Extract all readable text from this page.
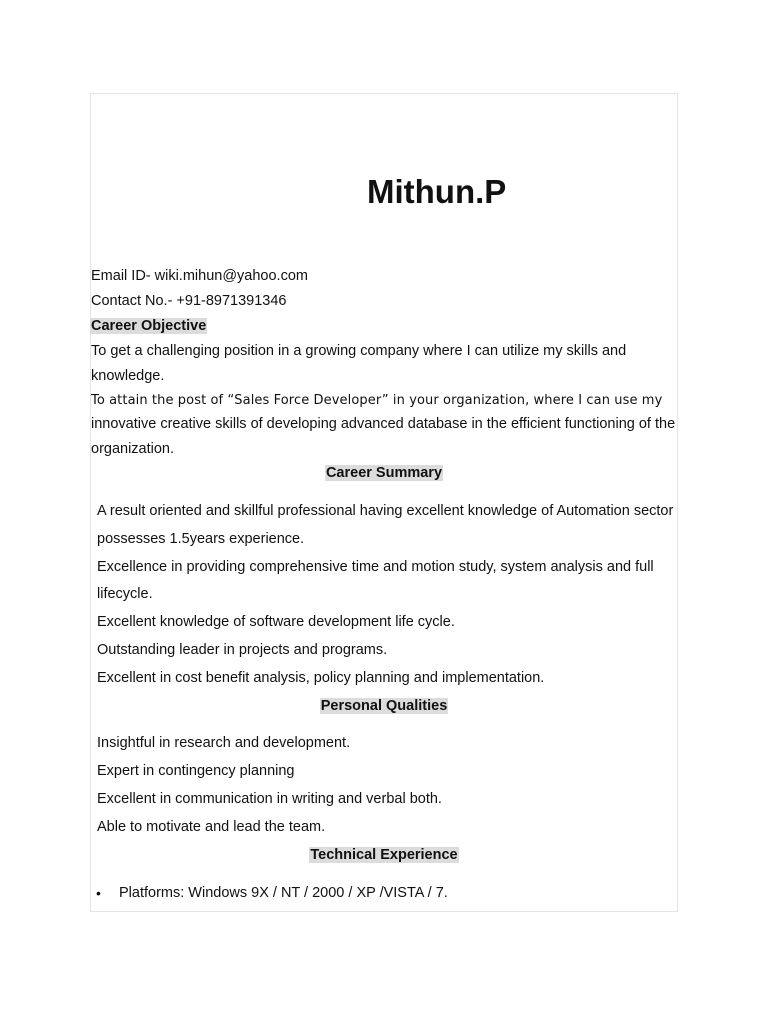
Mithun.P
Email ID- wiki.mihun@yahoo.com
Contact No.- +91-8971391346
Career Objective
To get a challenging position in a growing company where I can utilize my skills and
knowledge.
To attain the post of “Sales Force Developer” in your organization, where I can use my
innovative creative skills of developing advanced database in the efficient functioning of the
organization.
Career Summary
A result oriented and skillful professional having excellent knowledge of Automation sector
possesses 1.5years experience.
Excellence in providing comprehensive time and motion study, system analysis and full
lifecycle.
Excellent knowledge of software development life cycle.
Outstanding leader in projects and programs.
Excellent in cost benefit analysis, policy planning and implementation.
Personal Qualities
Insightful in research and development.
Expert in contingency planning
Excellent in communication in writing and verbal both.
Able to motivate and lead the team.
Technical Experience
• Platforms: Windows 9X / NT / 2000 / XP /VISTA / 7.
